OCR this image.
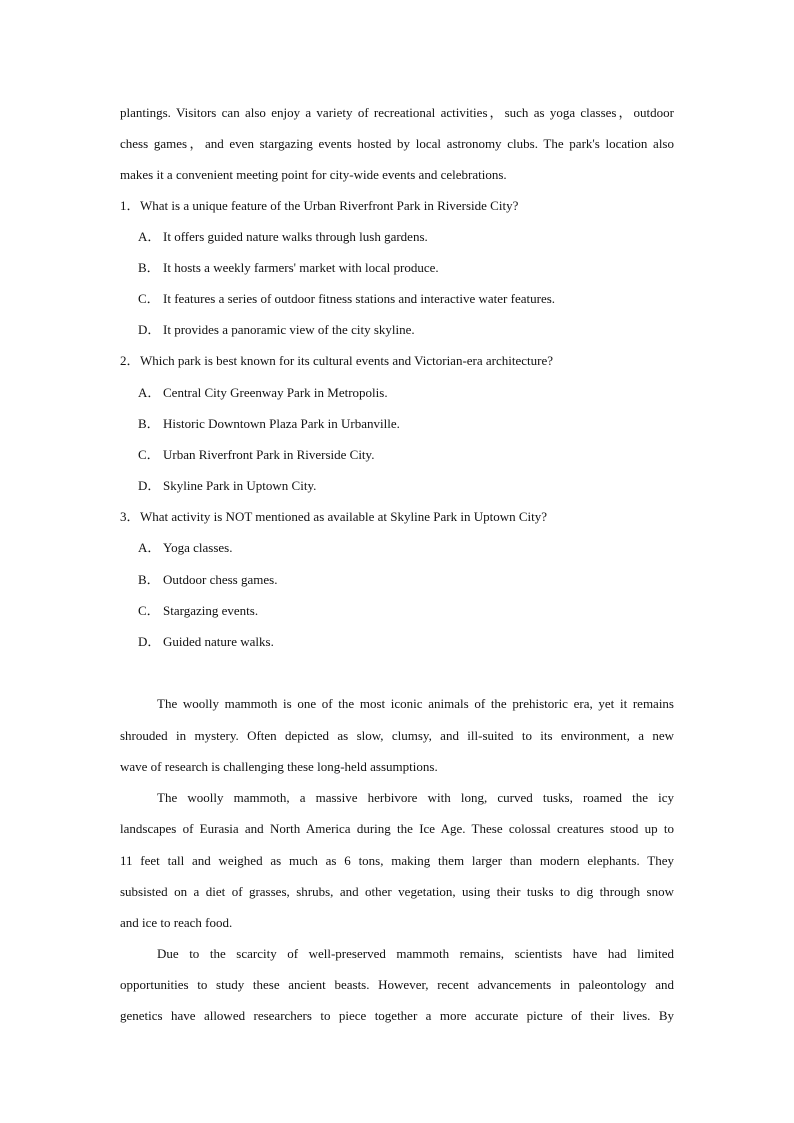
plantings. Visitors can also enjoy a variety of recreational activities，such as yoga classes，outdoor
chess games，and even stargazing events hosted by local astronomy clubs. The park's location also
makes it a convenient meeting point for city-wide events and celebrations.
1．What is a unique feature of the Urban Riverfront Park in Riverside City?
A． It offers guided nature walks through lush gardens.
B． It hosts a weekly farmers' market with local produce.
C． It features a series of outdoor fitness stations and interactive water features.
D． It provides a panoramic view of the city skyline.
2．Which park is best known for its cultural events and Victorian-era architecture?
A． Central City Greenway Park in Metropolis.
B． Historic Downtown Plaza Park in Urbanville.
C． Urban Riverfront Park in Riverside City.
D． Skyline Park in Uptown City.
3．What activity is NOT mentioned as available at Skyline Park in Uptown City?
A． Yoga classes.
B． Outdoor chess games.
C． Stargazing events.
D． Guided nature walks.
The woolly mammoth is one of the most iconic animals of the prehistoric era, yet it remains
shrouded in mystery. Often depicted as slow, clumsy, and ill-suited to its environment, a new
wave of research is challenging these long-held assumptions.
The woolly mammoth, a massive herbivore with long, curved tusks, roamed the icy
landscapes of Eurasia and North America during the Ice Age. These colossal creatures stood up to
11 feet tall and weighed as much as 6 tons, making them larger than modern elephants. They
subsisted on a diet of grasses, shrubs, and other vegetation, using their tusks to dig through snow
and ice to reach food.
Due to the scarcity of well-preserved mammoth remains, scientists have had limited
opportunities to study these ancient beasts. However, recent advancements in paleontology and
genetics have allowed researchers to piece together a more accurate picture of their lives. By
